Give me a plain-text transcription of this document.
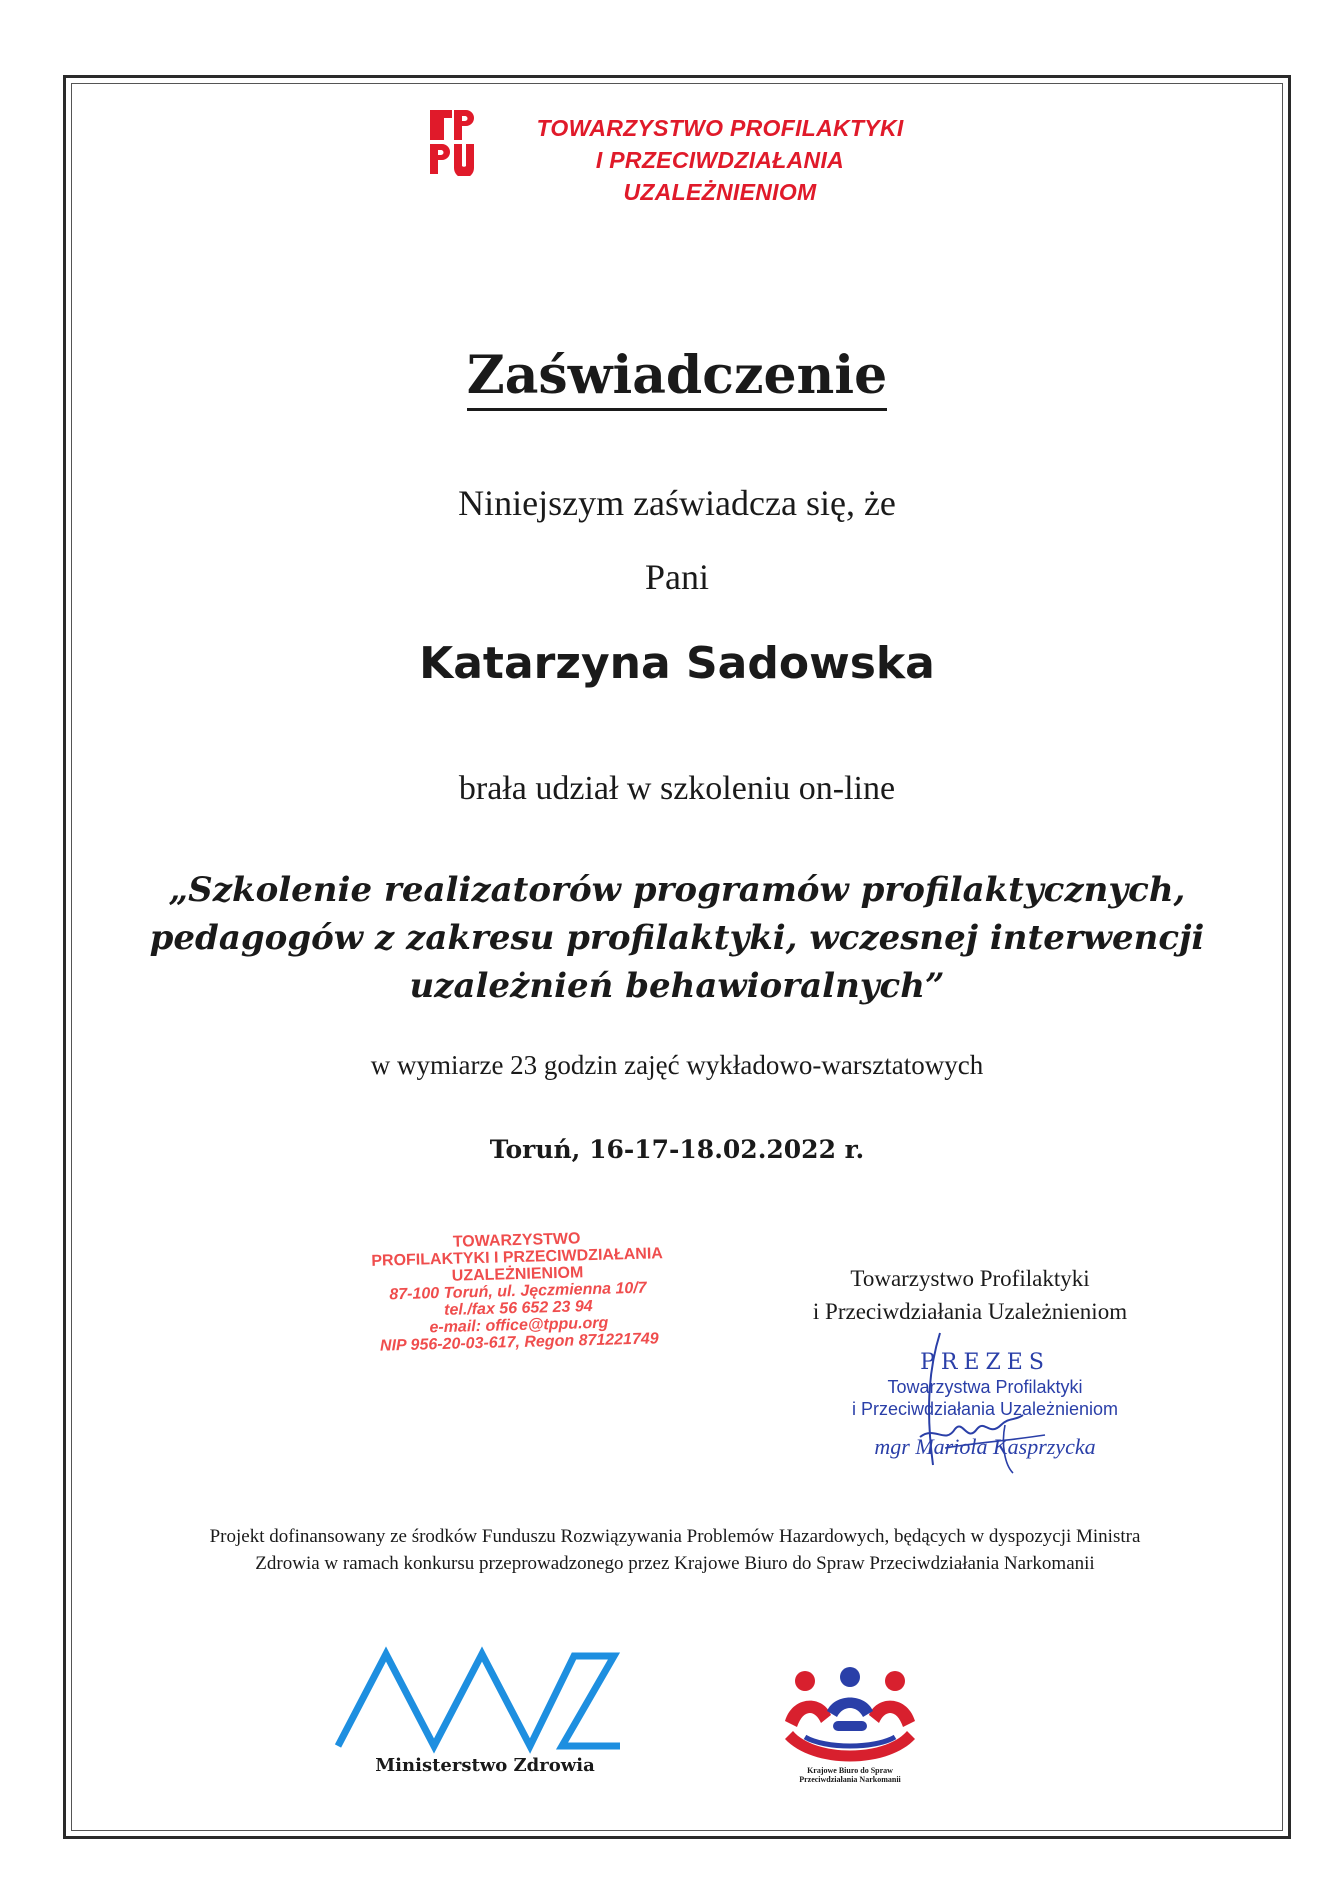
TOWARZYSTWO PROFILAKTYKI
I PRZECIWDZIAŁANIA UZALEŻNIENIOM
Zaświadczenie
Niniejszym zaświadcza się, że
Pani
Katarzyna Sadowska
brała udział w szkoleniu on-line
„Szkolenie realizatorów programów profilaktycznych,
pedagogów z zakresu profilaktyki, wczesnej interwencji
uzależnień behawioralnych”
w wymiarze 23 godzin zajęć wykładowo-warsztatowych
Toruń, 16-17-18.02.2022 r.
TOWARZYSTWO
PROFILAKTYKI I PRZECIWDZIAŁANIA
UZALEŻNIENIOM
87-100 Toruń, ul. Jęczmienna 10/7
tel./fax 56 652 23 94
e-mail: office@tppu.org
NIP 956-20-03-617, Regon 871221749
Towarzystwo Profilaktyki
i Przeciwdziałania Uzależnieniom
PREZES
Towarzystwa Profilaktyki
i Przeciwdziałania Uzależnieniom
mgr Mariola Kasprzycka
Projekt dofinansowany ze środków Funduszu Rozwiązywania Problemów Hazardowych, będących w dyspozycji Ministra
Zdrowia w ramach konkursu przeprowadzonego przez Krajowe Biuro do Spraw Przeciwdziałania Narkomanii
Ministerstwo Zdrowia	Krajowe Biuro do Spraw
Przeciwdziałania Narkomanii
